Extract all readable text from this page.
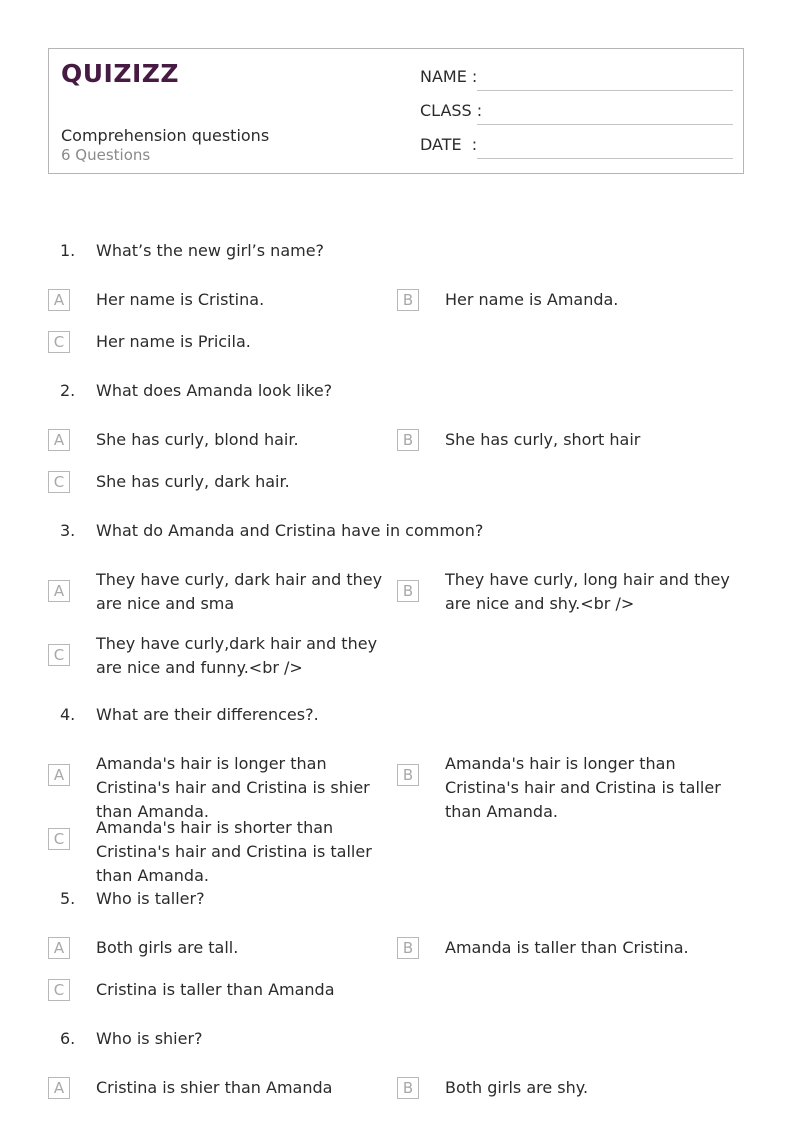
QUIZIZZ
Comprehension questions
6 Questions
NAME :
CLASS :
DATE  :
1. What’s the new girl’s name?
A	Her name is Cristina.	B	Her name is Amanda.
C	Her name is Pricila.
2. What does Amanda look like?
A	She has curly, blond hair.	B	She has curly, short hair
C	She has curly, dark hair.
3. What do Amanda and Cristina have in common?
A
They have curly, dark hair and they are nice and sma
B
They have curly, long hair and they are nice and shy.<br />
C
They have curly,dark hair and they are nice and funny.<br />
4. What are their differences?.
A
Amanda's hair is longer than Cristina's hair and Cristina is shier than Amanda.
B
Amanda's hair is longer than Cristina's hair and Cristina is taller than Amanda.
C
Amanda's hair is shorter than Cristina's hair and Cristina is taller than Amanda.
5. Who is taller?
A	Both girls are tall.	B	Amanda is taller than Cristina.
C	Cristina is taller than Amanda
6. Who is shier?
A	Cristina is shier than Amanda	B	Both girls are shy.
